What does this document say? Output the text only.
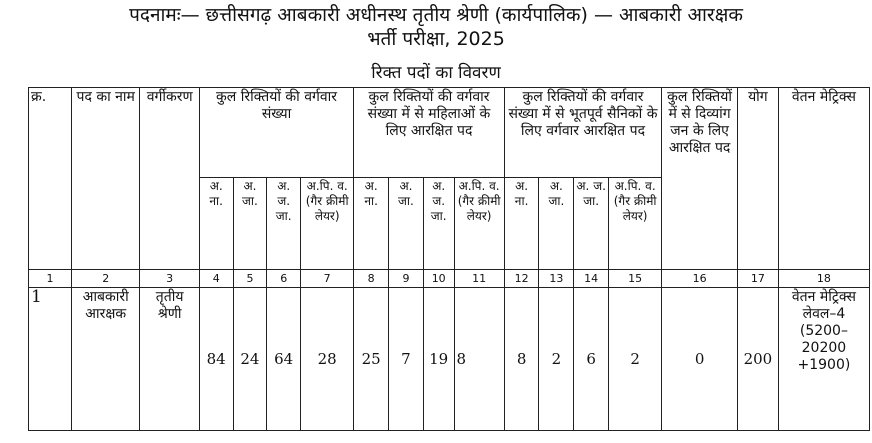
पदनामः— छत्तीसगढ़ आबकारी अधीनस्थ तृतीय श्रेणी (कार्यपालिक) — आबकारी आरक्षक
भर्ती परीक्षा, 2025
रिक्त पदों का विवरण
क्र.	पद का नाम	वर्गीकरण	कुल रिक्तियों की वर्गवार संख्या				कुल रिक्तियों की वर्गवार संख्या में से महिलाओं के लिए आरक्षित पद				कुल रिक्तियों की वर्गवार संख्या में से भूतपूर्व सैनिकों के लिए वर्गवार आरक्षित पद				कुल रिक्तियों में से दिव्यांग जन के लिए आरक्षित पद	योग	वेतन मेट्रिक्स
			अ. ना.	अ. जा.	अ. ज. जा.	अ.पि. व. (गैर क्रीमी लेयर)	अ. ना.	अ. जा.	अ. ज. जा.	अ.पि. व. (गैर क्रीमी लेयर)	अ. ना.	अ. जा.	अ. ज. जा.	अ.पि. व. (गैर क्रीमी लेयर)			
1	2	3	4	5	6	7	8	9	10	11	12	13	14	15	16	17	18
1	आबकारी आरक्षक	तृतीय श्रेणी	84	24	64	28	25	7	19	8	8	2	6	2	0	200	वेतन मेट्रिक्स लेवल–4 (5200–20200 +1900)
